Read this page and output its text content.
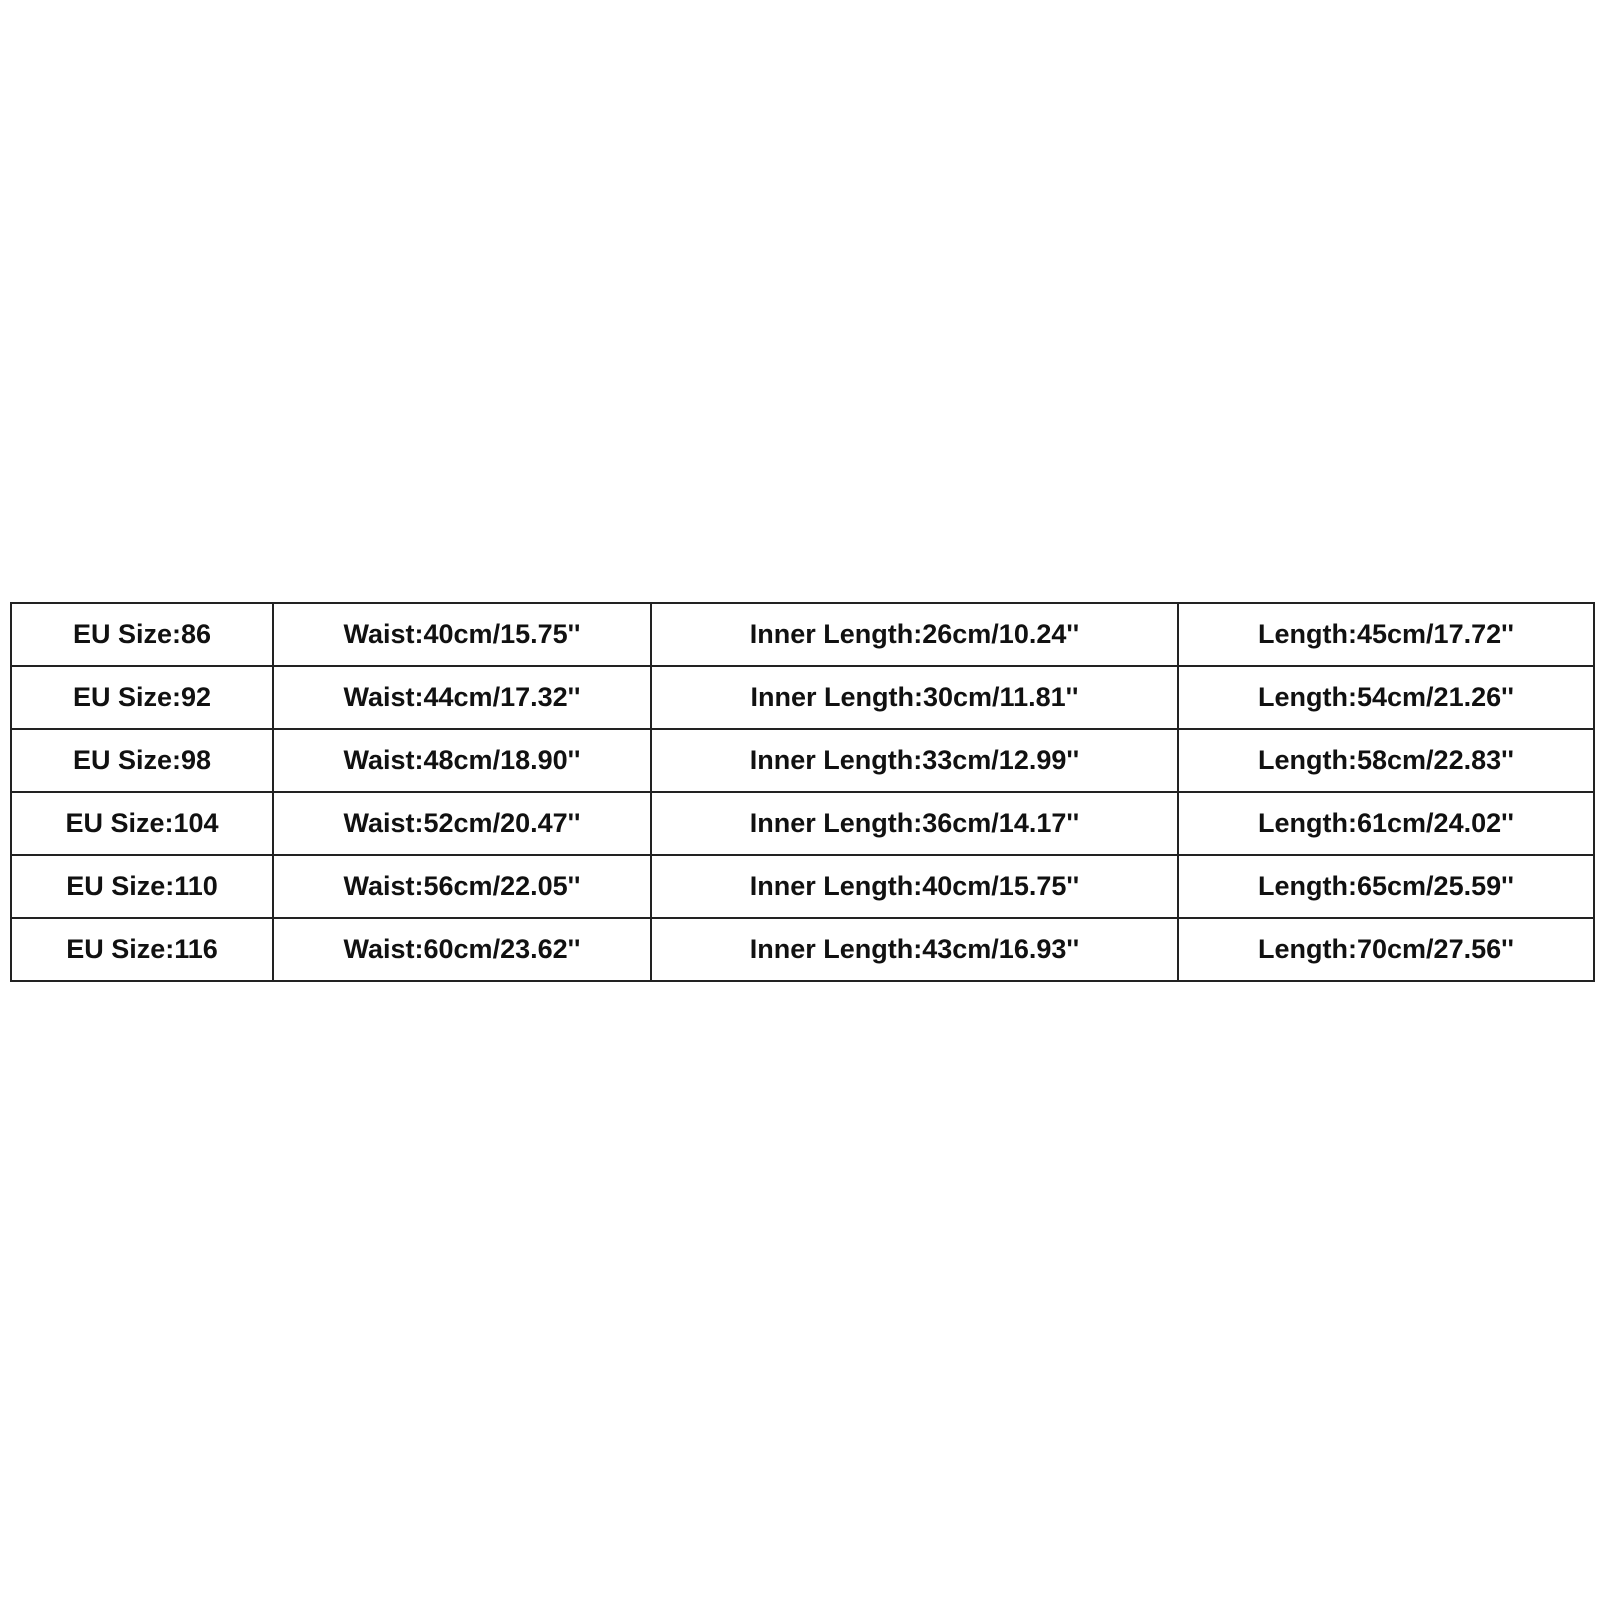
EU Size:86	Waist:40cm/15.75''	Inner Length:26cm/10.24''	Length:45cm/17.72''
EU Size:92	Waist:44cm/17.32''	Inner Length:30cm/11.81''	Length:54cm/21.26''
EU Size:98	Waist:48cm/18.90''	Inner Length:33cm/12.99''	Length:58cm/22.83''
EU Size:104	Waist:52cm/20.47''	Inner Length:36cm/14.17''	Length:61cm/24.02''
EU Size:110	Waist:56cm/22.05''	Inner Length:40cm/15.75''	Length:65cm/25.59''
EU Size:116	Waist:60cm/23.62''	Inner Length:43cm/16.93''	Length:70cm/27.56''
